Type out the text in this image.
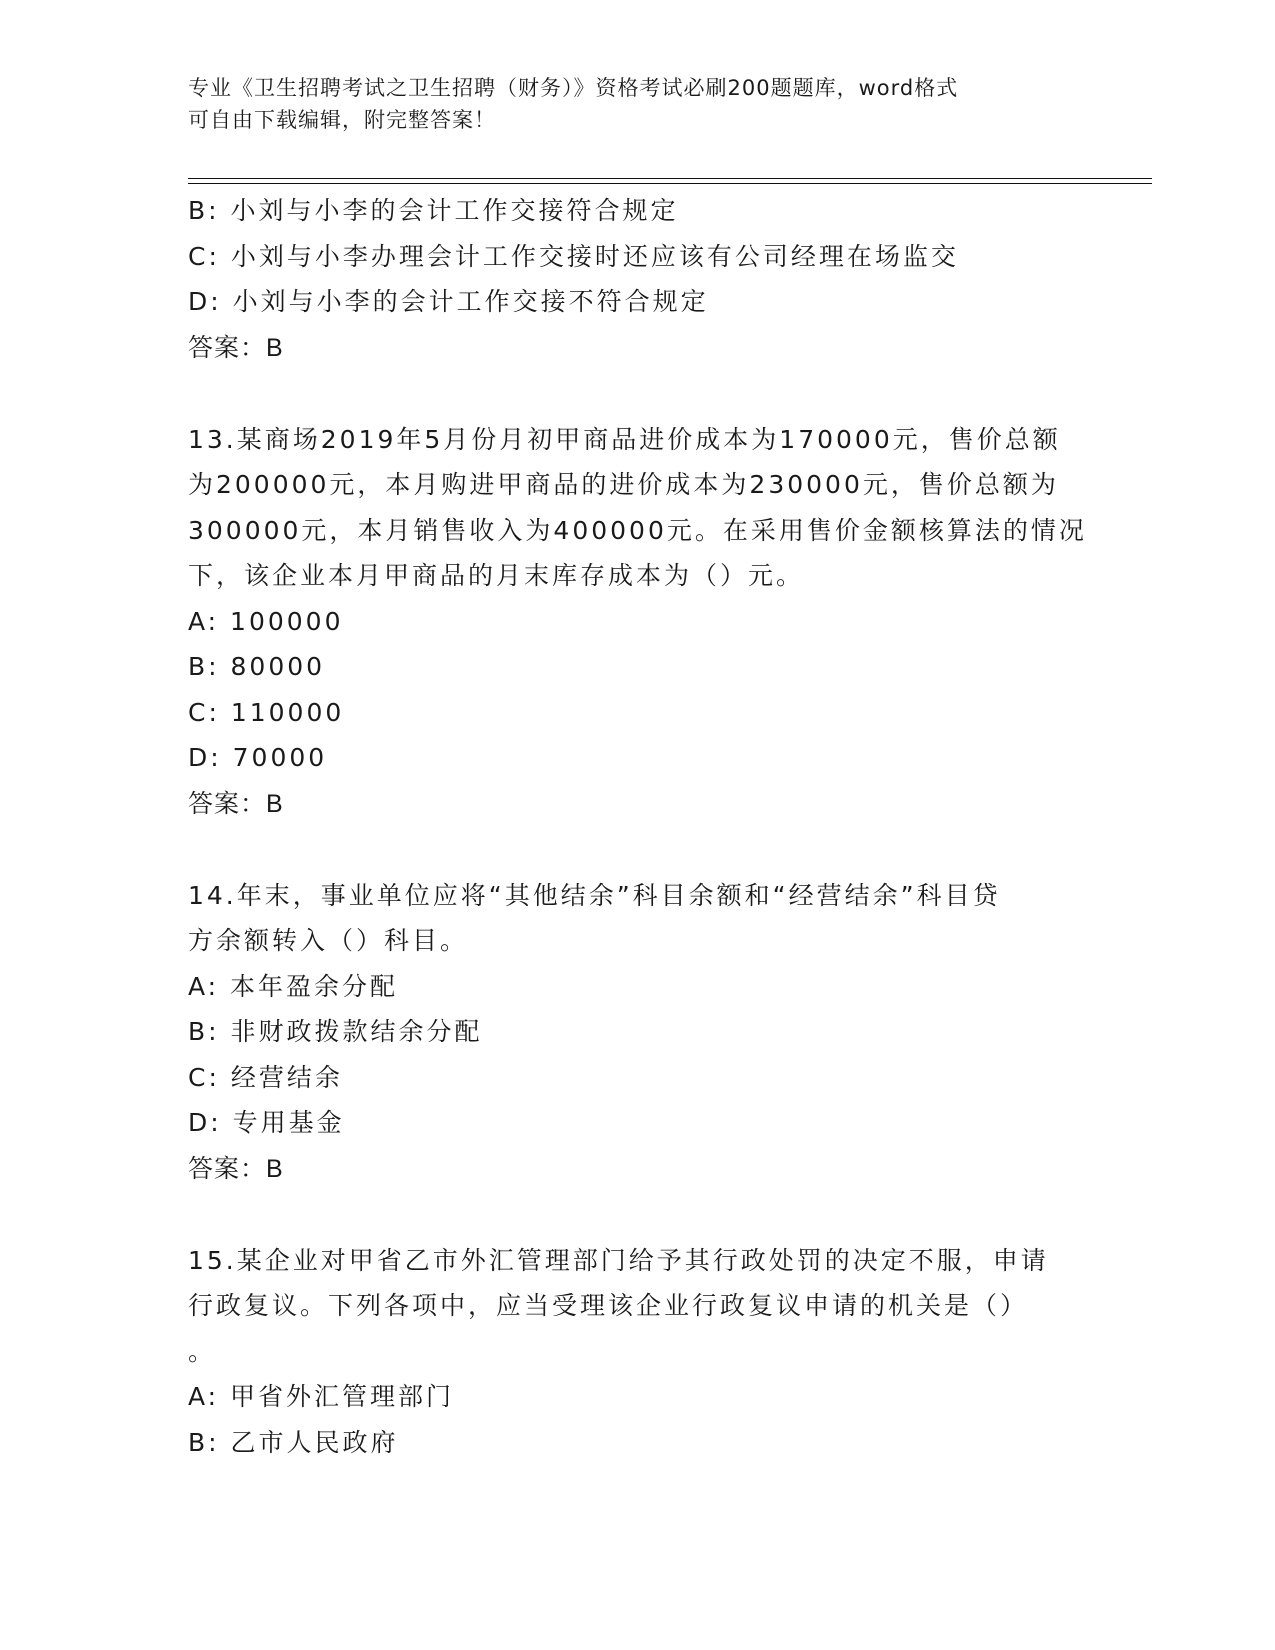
专业《卫生招聘考试之卫生招聘（财务）》资格考试必刷200题题库，word格式
可自由下载编辑，附完整答案！
B: 小刘与小李的会计工作交接符合规定
C: 小刘与小李办理会计工作交接时还应该有公司经理在场监交
D: 小刘与小李的会计工作交接不符合规定
答案：B
13.某商场2019年5月份月初甲商品进价成本为170000元，售价总额
为200000元，本月购进甲商品的进价成本为230000元，售价总额为
300000元，本月销售收入为400000元。在采用售价金额核算法的情况
下，该企业本月甲商品的月末库存成本为（）元。
A: 100000
B: 80000
C: 110000
D: 70000
答案：B
14.年末，事业单位应将“其他结余”科目余额和“经营结余”科目贷
方余额转入（）科目。
A: 本年盈余分配
B: 非财政拨款结余分配
C: 经营结余
D: 专用基金
答案：B
15.某企业对甲省乙市外汇管理部门给予其行政处罚的决定不服，申请
行政复议。下列各项中，应当受理该企业行政复议申请的机关是（）
。
A: 甲省外汇管理部门
B: 乙市人民政府
